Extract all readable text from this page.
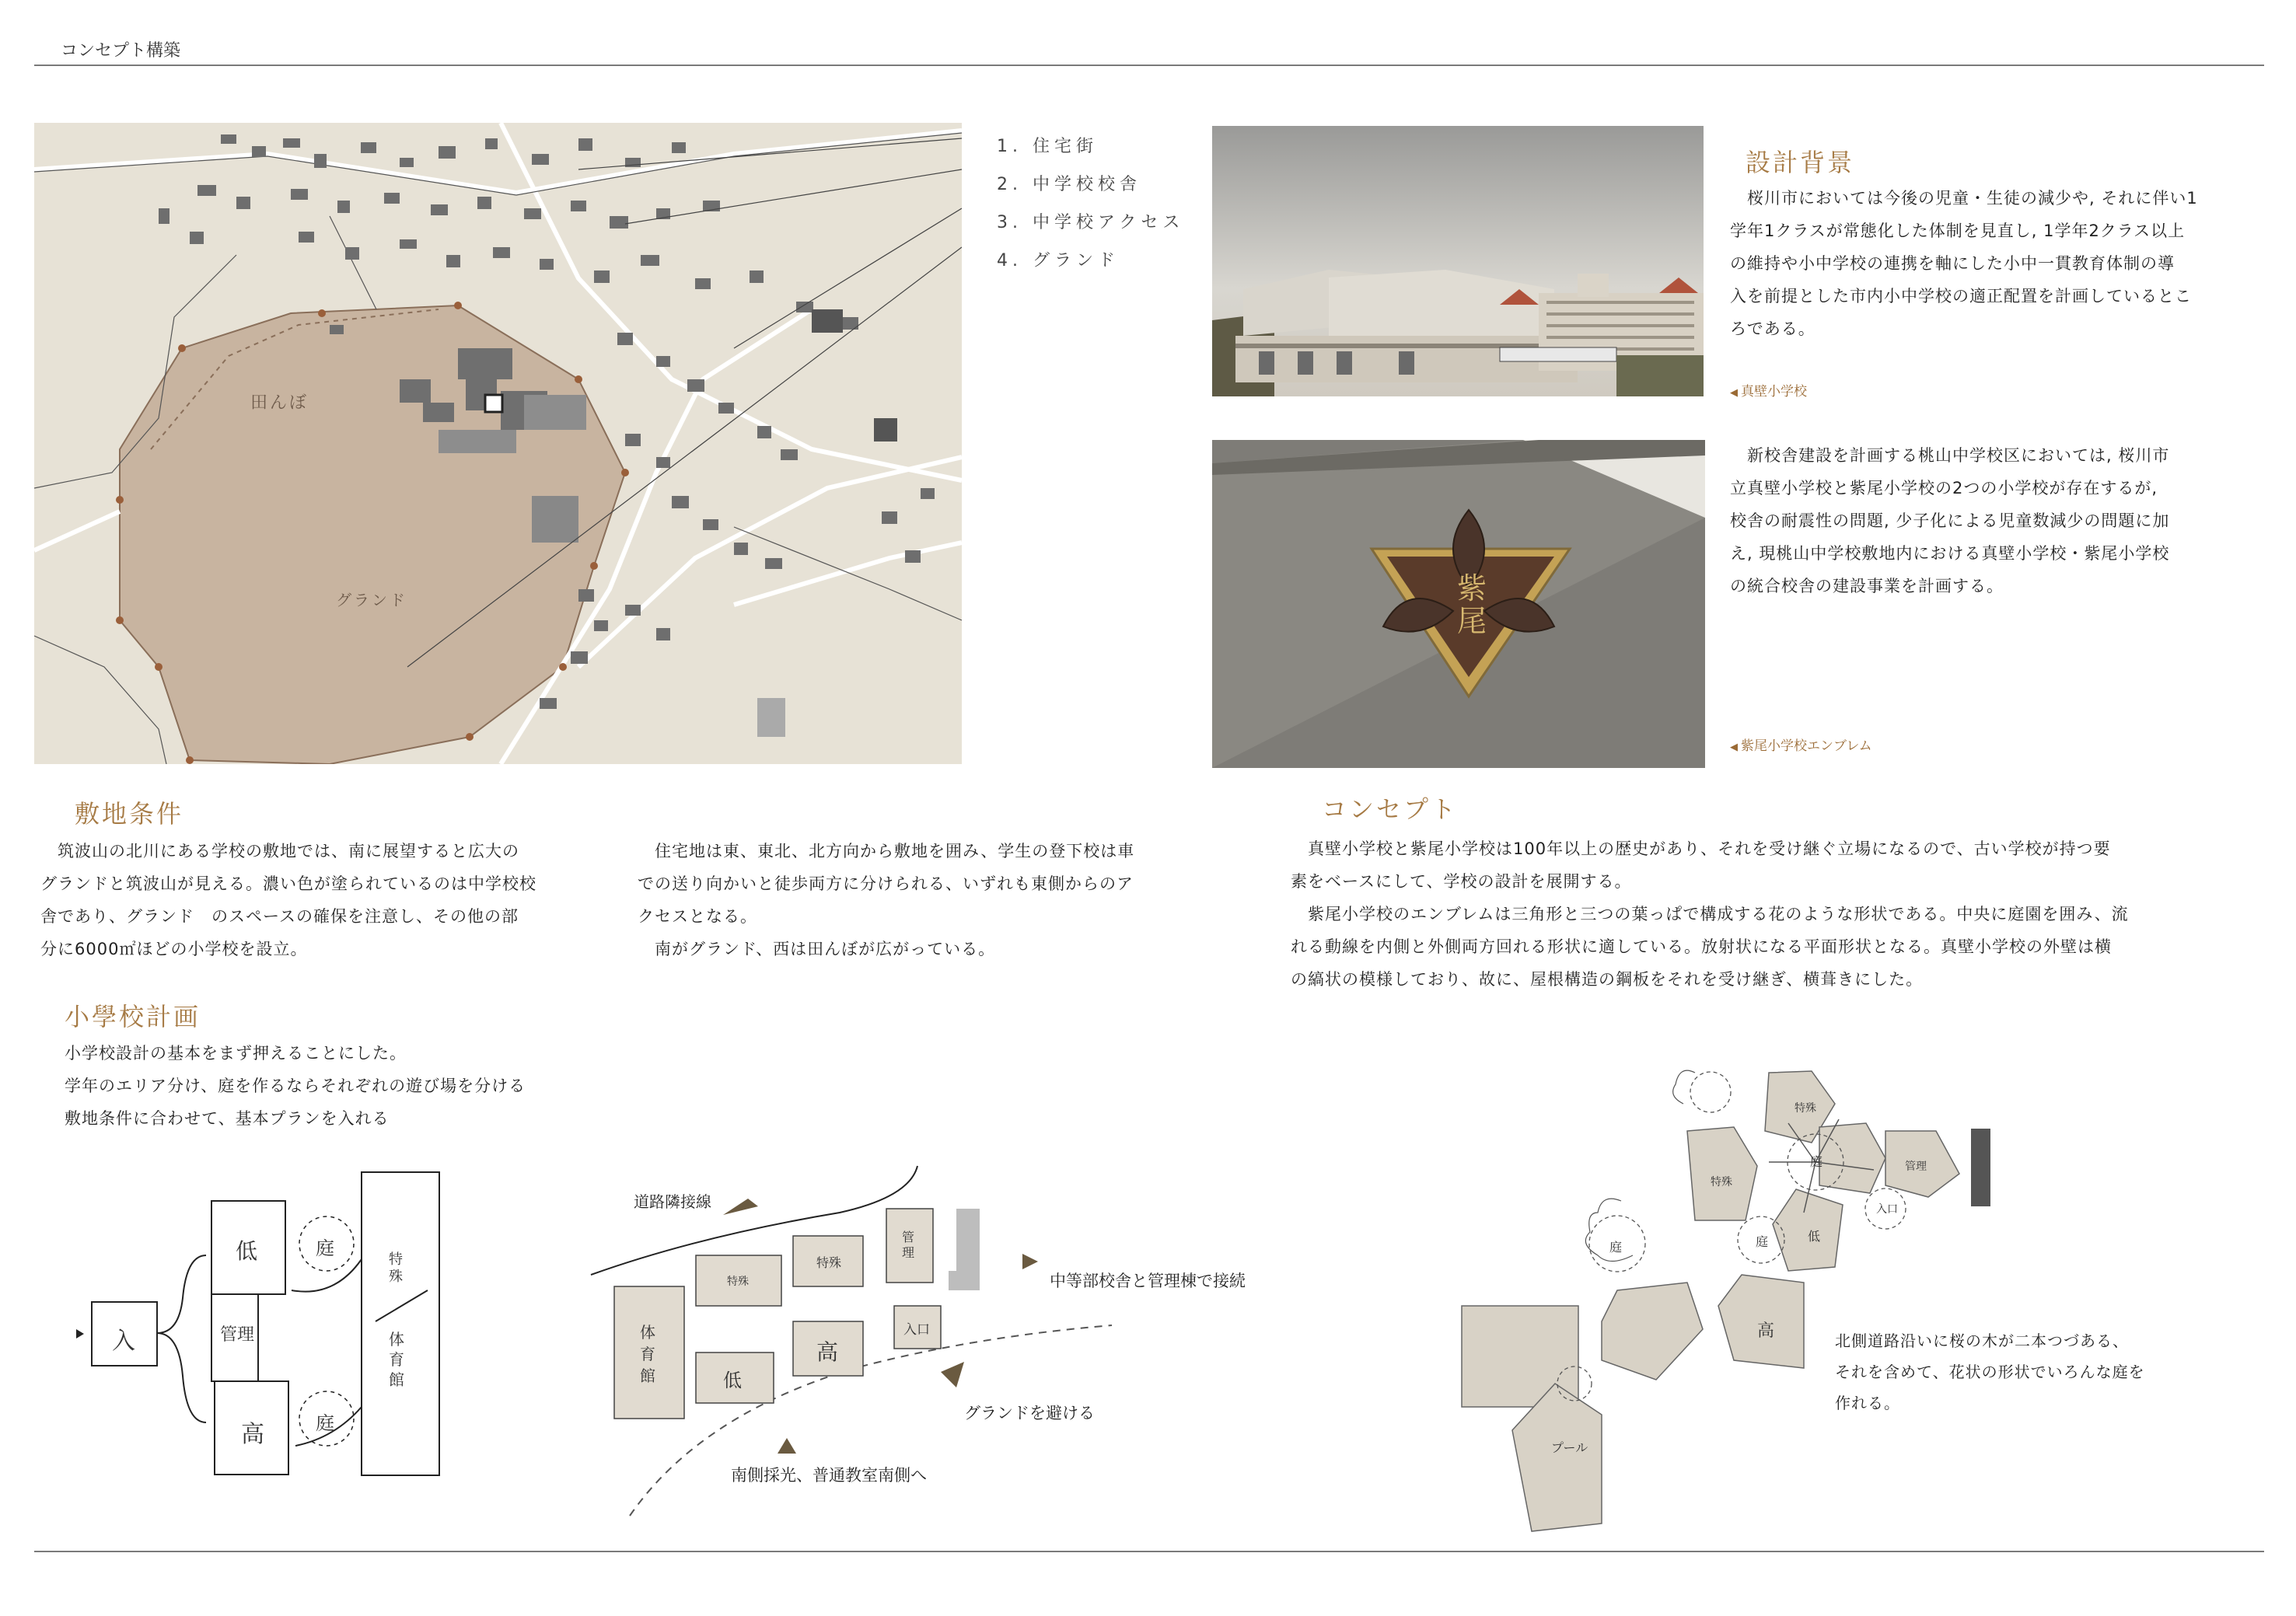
コンセプト構築
田んぼ
グランド
1. 住宅街
2. 中学校校舎
3. 中学校アクセス
4. グランド
紫尾
設計背景
　桜川市においては今後の児童・生徒の減少や, それに伴い1
学年1クラスが常態化した体制を見直し, 1学年2クラス以上
の維持や小中学校の連携を軸にした小中一貫教育体制の導
入を前提とした市内小中学校の適正配置を計画しているとこ
ろである。
◀ 真壁小学校
　新校舎建設を計画する桃山中学校区においては, 桜川市
立真壁小学校と紫尾小学校の2つの小学校が存在するが,
校舎の耐震性の問題, 少子化による児童数減少の問題に加
え, 現桃山中学校敷地内における真壁小学校・紫尾小学校
の統合校舎の建設事業を計画する。
◀ 紫尾小学校エンブレム
敷地条件
　筑波山の北川にある学校の敷地では、南に展望すると広大の
グランドと筑波山が見える。濃い色が塗られているのは中学校校
舎であり、グランド　のスペースの確保を注意し、その他の部
分に6000㎡ほどの小学校を設立。
　住宅地は東、東北、北方向から敷地を囲み、学生の登下校は車
での送り向かいと徒歩両方に分けられる、いずれも東側からのア
クセスとなる。
　南がグランド、西は田んぼが広がっている。
コンセプト
　真壁小学校と紫尾小学校は100年以上の歴史があり、それを受け継ぐ立場になるので、古い学校が持つ要
素をベースにして、学校の設計を展開する。
　紫尾小学校のエンブレムは三角形と三つの葉っぱで構成する花のような形状である。中央に庭園を囲み、流
れる動線を内側と外側両方回れる形状に適している。放射状になる平面形状となる。真壁小学校の外壁は横
の縞状の模様しており、故に、屋根構造の鋼板をそれを受け継ぎ、横葺きにした。
小學校計画
小学校設計の基本をまず押えることにした。
学年のエリア分け、庭を作るならそれぞれの遊び場を分ける
敷地条件に合わせて、基本プランを入れる
入
低
管理
高
庭
庭
特殊
体育館
道路隣接線
中等部校舎と管理棟で接続
グランドを避ける
南側採光、普通教室南側へ
特殊
特殊
管理
入口
高
低
体育館
特殊
管理
庭
入口
低
特殊
庭	庭
高
プール
北側道路沿いに桜の木が二本つづある、
それを含めて、花状の形状でいろんな庭を
作れる。
